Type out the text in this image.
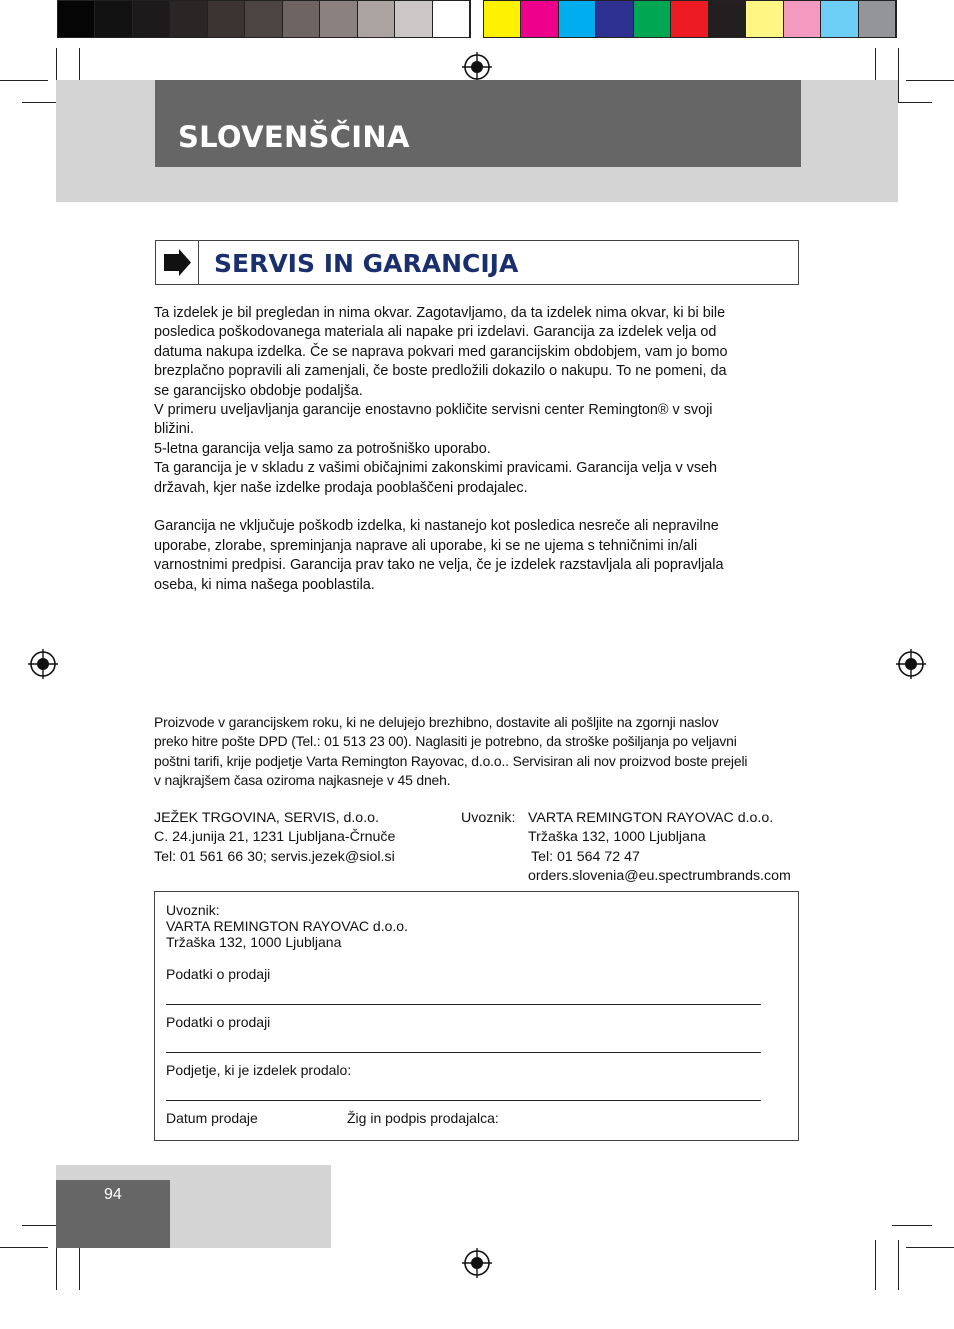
SLOVENŠČINA
SERVIS IN GARANCIJA

Ta izdelek je bil pregledan in nima okvar. Zagotavljamo, da ta izdelek nima okvar, ki bi bile

posledica poškodovanega materiala ali napake pri izdelavi. Garancija za izdelek velja od

datuma nakupa izdelka. Če se naprava pokvari med garancijskim obdobjem, vam jo bomo

brezplačno popravili ali zamenjali, če boste predložili dokazilo o nakupu. To ne pomeni, da

se garancijsko obdobje podaljša.

V primeru uveljavljanja garancije enostavno pokličite servisni center Remington® v svoji

bližini.

5-letna garancija velja samo za potrošniško uporabo.

Ta garancija je v skladu z vašimi običajnimi zakonskimi pravicami. Garancija velja v vseh

državah, kjer naše izdelke prodaja pooblaščeni prodajalec.

Garancija ne vključuje poškodb izdelka, ki nastanejo kot posledica nesreče ali nepravilne

uporabe, zlorabe, spreminjanja naprave ali uporabe, ki se ne ujema s tehničnimi in/ali

varnostnimi predpisi. Garancija prav tako ne velja, če je izdelek razstavljala ali popravljala

oseba, ki nima našega pooblastila.

Proizvode v garancijskem roku, ki ne delujejo brezhibno, dostavite ali pošljite na zgornji naslov

preko hitre pošte DPD (Tel.: 01 513 23 00). Naglasiti je potrebno, da stroške pošiljanja po veljavni

poštni tarifi, krije podjetje Varta Remington Rayovac, d.o.o.. Servisiran ali nov proizvod boste prejeli

v najkrajšem časa oziroma najkasneje v 45 dneh.

JEŽEK TRGOVINA, SERVIS, d.o.o.
C. 24.junija 21, 1231 Ljubljana-Črnuče
Tel: 01 561 66 30; servis.jezek@siol.si
Uvoznik: VARTA REMINGTON RAYOVAC d.o.o.
Tržaška 132, 1000 Ljubljana
Tel: 01 564 72 47
orders.slovenia@eu.spectrumbrands.com
Uvoznik:
VARTA REMINGTON RAYOVAC d.o.o.
Tržaška 132, 1000 Ljubljana
Podatki o prodaji
Podatki o prodaji
Podjetje, ki je izdelek prodalo:
Datum prodaje	Žig in podpis prodajalca:
94
